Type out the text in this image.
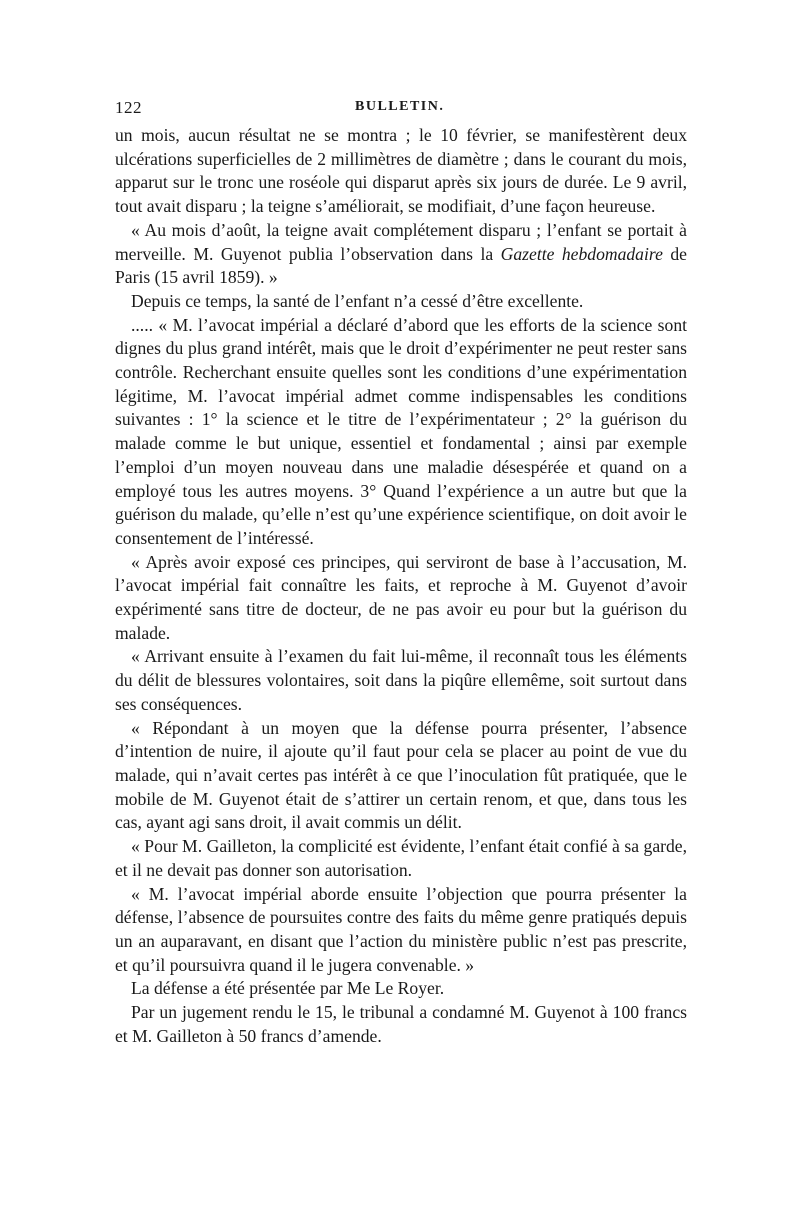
122	BULLETIN.

un mois, aucun résultat ne se montra ; le 10 février, se manifestèrent deux ulcérations superficielles de 2 millimètres de diamètre ; dans le courant du mois, apparut sur le tronc une roséole qui disparut après six jours de durée. Le 9 avril, tout avait disparu ; la teigne s’améliorait, se modifiait, d’une façon heureuse.

« Au mois d’août, la teigne avait complétement disparu ; l’enfant se portait à merveille. M. Guyenot publia l’observation dans la Gazette hebdomadaire de Paris (15 avril 1859). »

Depuis ce temps, la santé de l’enfant n’a cessé d’être excellente.

..... « M. l’avocat impérial a déclaré d’abord que les efforts de la science sont dignes du plus grand intérêt, mais que le droit d’expérimenter ne peut rester sans contrôle. Recherchant ensuite quelles sont les conditions d’une expérimentation légitime, M. l’avocat impérial admet comme indispensables les conditions suivantes : 1° la science et le titre de l’expérimentateur ; 2° la guérison du malade comme le but unique, essentiel et fondamental ; ainsi par exemple l’emploi d’un moyen nouveau dans une maladie désespérée et quand on a employé tous les autres moyens. 3° Quand l’expérience a un autre but que la guérison du malade, qu’elle n’est qu’une expérience scientifique, on doit avoir le consentement de l’intéressé.

« Après avoir exposé ces principes, qui serviront de base à l’accusation, M. l’avocat impérial fait connaître les faits, et reproche à M. Guyenot d’avoir expérimenté sans titre de docteur, de ne pas avoir eu pour but la guérison du malade.

« Arrivant ensuite à l’examen du fait lui-même, il reconnaît tous les éléments du délit de blessures volontaires, soit dans la piqûre ellemême, soit surtout dans ses conséquences.

« Répondant à un moyen que la défense pourra présenter, l’absence d’intention de nuire, il ajoute qu’il faut pour cela se placer au point de vue du malade, qui n’avait certes pas intérêt à ce que l’inoculation fût pratiquée, que le mobile de M. Guyenot était de s’attirer un certain renom, et que, dans tous les cas, ayant agi sans droit, il avait commis un délit.

« Pour M. Gailleton, la complicité est évidente, l’enfant était confié à sa garde, et il ne devait pas donner son autorisation.

« M. l’avocat impérial aborde ensuite l’objection que pourra présenter la défense, l’absence de poursuites contre des faits du même genre pratiqués depuis un an auparavant, en disant que l’action du ministère public n’est pas prescrite, et qu’il poursuivra quand il le jugera convenable. »

La défense a été présentée par Me Le Royer.

Par un jugement rendu le 15, le tribunal a condamné M. Guyenot à 100 francs et M. Gailleton à 50 francs d’amende.
